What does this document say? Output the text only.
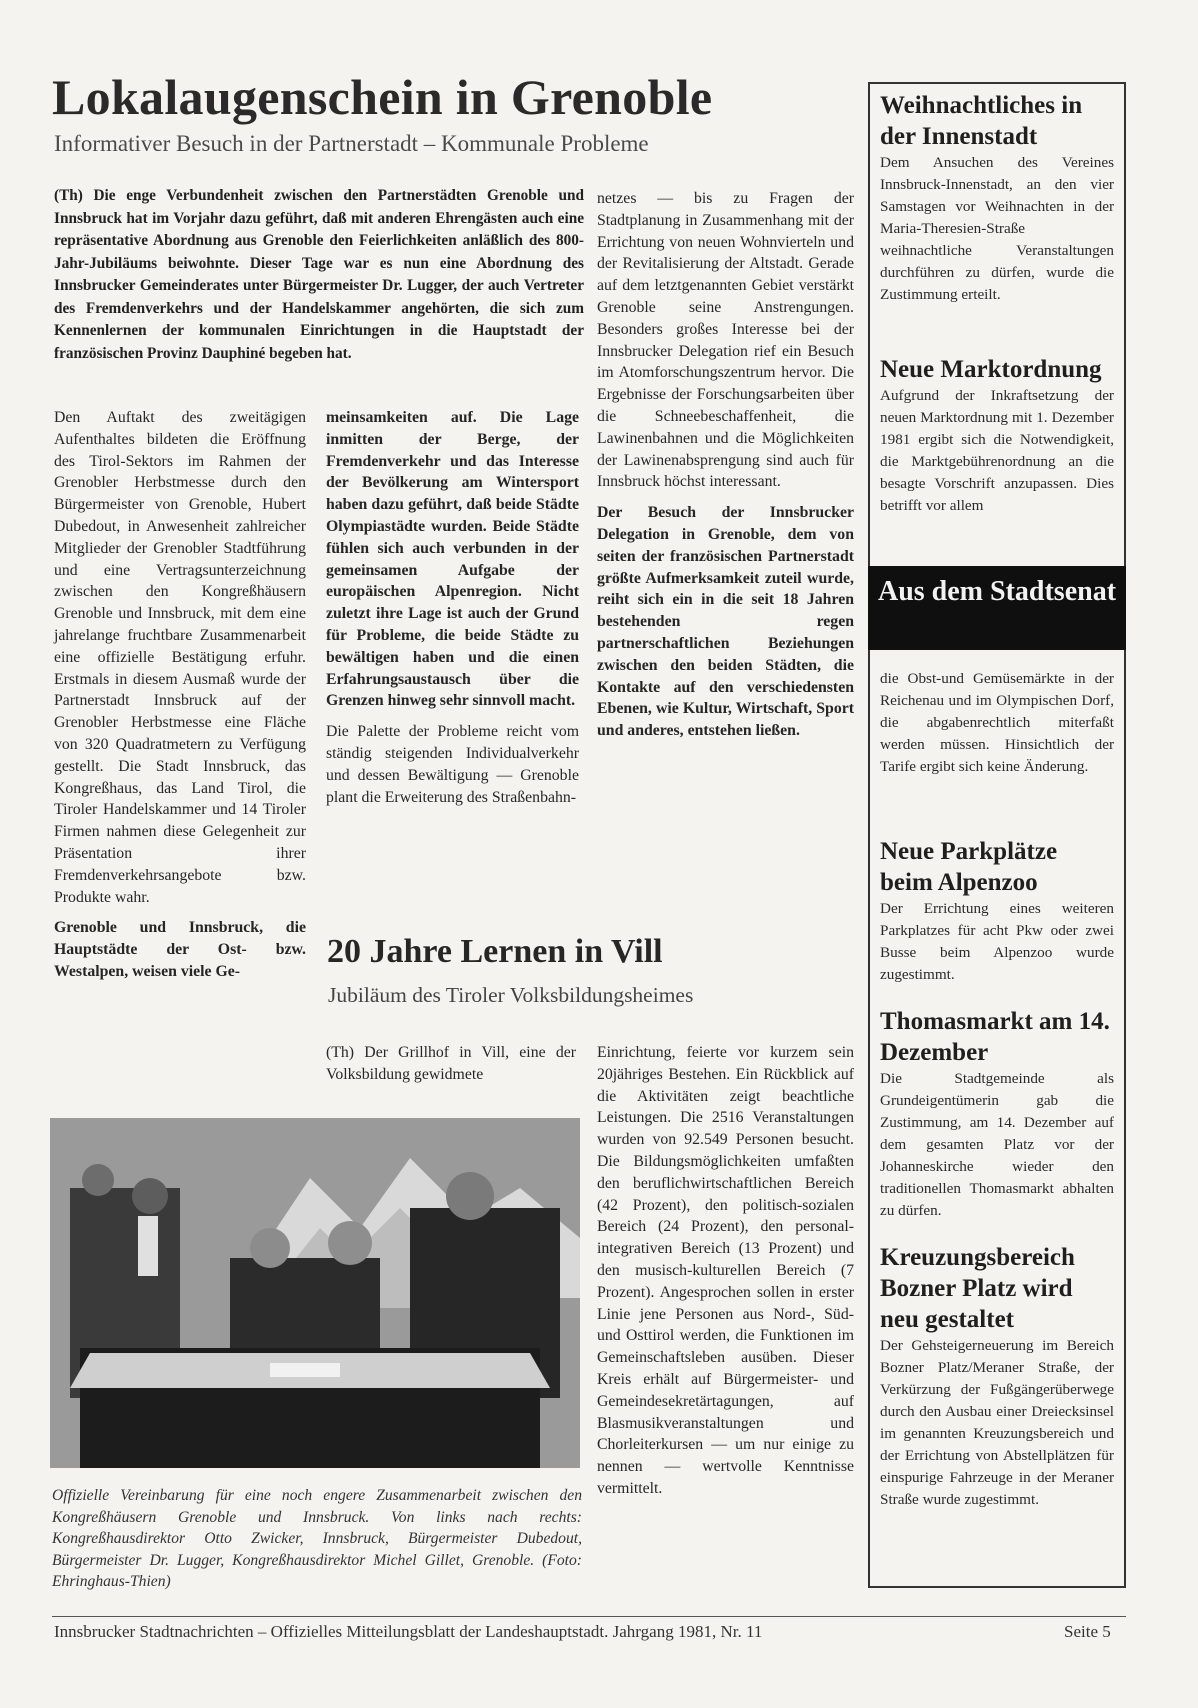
Lokalaugenschein in Grenoble
Informativer Besuch in der Partnerstadt – Kommunale Probleme
(Th) Die enge Verbundenheit zwischen den Partnerstädten Grenoble und Innsbruck hat im Vorjahr dazu geführt, daß mit anderen Ehrengästen auch eine repräsentative Abordnung aus Grenoble den Feierlichkeiten anläßlich des 800-Jahr-Jubiläums beiwohnte. Dieser Tage war es nun eine Abordnung des Innsbrucker Gemeinderates unter Bürgermeister Dr. Lugger, der auch Vertreter des Fremdenverkehrs und der Handelskammer angehörten, die sich zum Kennenlernen der kommunalen Einrichtungen in die Hauptstadt der französischen Provinz Dauphiné begeben hat.

Den Auftakt des zweitägigen Aufenthaltes bildeten die Eröffnung des Tirol-Sektors im Rahmen der Grenobler Herbstmesse durch den Bürgermeister von Grenoble, Hubert Dubedout, in Anwesenheit zahlreicher Mitglieder der Grenobler Stadtführung und eine Vertragsunterzeichnung zwischen den Kongreßhäusern Grenoble und Innsbruck, mit dem eine jahrelange fruchtbare Zusammenarbeit eine offizielle Bestätigung erfuhr. Erstmals in diesem Ausmaß wurde der Partnerstadt Innsbruck auf der Grenobler Herbstmesse eine Fläche von 320 Quadratmetern zu Verfügung gestellt. Die Stadt Innsbruck, das Kongreßhaus, das Land Tirol, die Tiroler Handelskammer und 14 Tiroler Firmen nahmen diese Gelegenheit zur Präsentation ihrer Fremdenverkehrsangebote bzw. Produkte wahr.

Grenoble und Innsbruck, die Hauptstädte der Ost- bzw. Westalpen, weisen viele Ge-

meinsamkeiten auf. Die Lage inmitten der Berge, der Fremdenverkehr und das Interesse der Bevölkerung am Wintersport haben dazu geführt, daß beide Städte Olympiastädte wurden. Beide Städte fühlen sich auch verbunden in der gemeinsamen Aufgabe der europäischen Alpenregion. Nicht zuletzt ihre Lage ist auch der Grund für Probleme, die beide Städte zu bewältigen haben und die einen Erfahrungsaustausch über die Grenzen hinweg sehr sinnvoll macht.

Die Palette der Probleme reicht vom ständig steigenden Individualverkehr und dessen Bewältigung — Grenoble plant die Erweiterung des Straßenbahn-

netzes — bis zu Fragen der Stadtplanung in Zusammenhang mit der Errichtung von neuen Wohnvierteln und der Revitalisierung der Altstadt. Gerade auf dem letztgenannten Gebiet verstärkt Grenoble seine Anstrengungen. Besonders großes Interesse bei der Innsbrucker Delegation rief ein Besuch im Atomforschungszentrum hervor. Die Ergebnisse der Forschungsarbeiten über die Schneebeschaffenheit, die Lawinenbahnen und die Möglichkeiten der Lawinenabsprengung sind auch für Innsbruck höchst interessant.

Der Besuch der Innsbrucker Delegation in Grenoble, dem von seiten der französischen Partnerstadt größte Aufmerksamkeit zuteil wurde, reiht sich ein in die seit 18 Jahren bestehenden regen partnerschaftlichen Beziehungen zwischen den beiden Städten, die Kontakte auf den verschiedensten Ebenen, wie Kultur, Wirtschaft, Sport und anderes, entstehen ließen.

20 Jahre Lernen in Vill
Jubiläum des Tiroler Volksbildungsheimes

(Th) Der Grillhof in Vill, eine der Volksbildung gewidmete

Einrichtung, feierte vor kurzem sein 20jähriges Bestehen. Ein Rückblick auf die Aktivitäten zeigt beachtliche Leistungen. Die 2516 Veranstaltungen wurden von 92.549 Personen besucht. Die Bildungsmöglichkeiten umfaßten den beruflichwirtschaftlichen Bereich (42 Prozent), den politisch-sozialen Bereich (24 Prozent), den personal-integrativen Bereich (13 Prozent) und den musisch-kulturellen Bereich (7 Prozent). Angesprochen sollen in erster Linie jene Personen aus Nord-, Süd- und Osttirol werden, die Funktionen im Gemeinschaftsleben ausüben. Dieser Kreis erhält auf Bürgermeister- und Gemeindesekretärtagungen, auf Blasmusikveranstaltungen und Chorleiterkursen — um nur einige zu nennen — wertvolle Kenntnisse vermittelt.

Offizielle Vereinbarung für eine noch engere Zusammenarbeit zwischen den Kongreßhäusern Grenoble und Innsbruck. Von links nach rechts: Kongreßhausdirektor Otto Zwicker, Innsbruck, Bürgermeister Dubedout, Bürgermeister Dr. Lugger, Kongreßhausdirektor Michel Gillet, Grenoble. (Foto: Ehringhaus-Thien)
Weihnachtliches in der Innenstadt
Dem Ansuchen des Vereines Innsbruck-Innenstadt, an den vier Samstagen vor Weihnachten in der Maria-Theresien-Straße weihnachtliche Veranstaltungen durchführen zu dürfen, wurde die Zustimmung erteilt.
Neue Marktordnung
Aufgrund der Inkraftsetzung der neuen Marktordnung mit 1. Dezember 1981 ergibt sich die Notwendigkeit, die Marktgebührenordnung an die besagte Vorschrift anzupassen. Dies betrifft vor allem
die Obst-und Gemüsemärkte in der Reichenau und im Olympischen Dorf, die abgabenrechtlich miterfaßt werden müssen. Hinsichtlich der Tarife ergibt sich keine Änderung.
Neue Parkplätze beim Alpenzoo
Der Errichtung eines weiteren Parkplatzes für acht Pkw oder zwei Busse beim Alpenzoo wurde zugestimmt.
Thomasmarkt am 14. Dezember
Die Stadtgemeinde als Grundeigentümerin gab die Zustimmung, am 14. Dezember auf dem gesamten Platz vor der Johanneskirche wieder den traditionellen Thomasmarkt abhalten zu dürfen.
Kreuzungsbereich Bozner Platz wird neu gestaltet
Der Gehsteigerneuerung im Bereich Bozner Platz/Meraner Straße, der Verkürzung der Fußgängerüberwege durch den Ausbau einer Dreiecksinsel im genannten Kreuzungsbereich und der Errichtung von Abstellplätzen für einspurige Fahrzeuge in der Meraner Straße wurde zugestimmt.
Aus dem Stadtsenat
Innsbrucker Stadtnachrichten – Offizielles Mitteilungsblatt der Landeshauptstadt. Jahrgang 1981, Nr. 11	Seite 5
